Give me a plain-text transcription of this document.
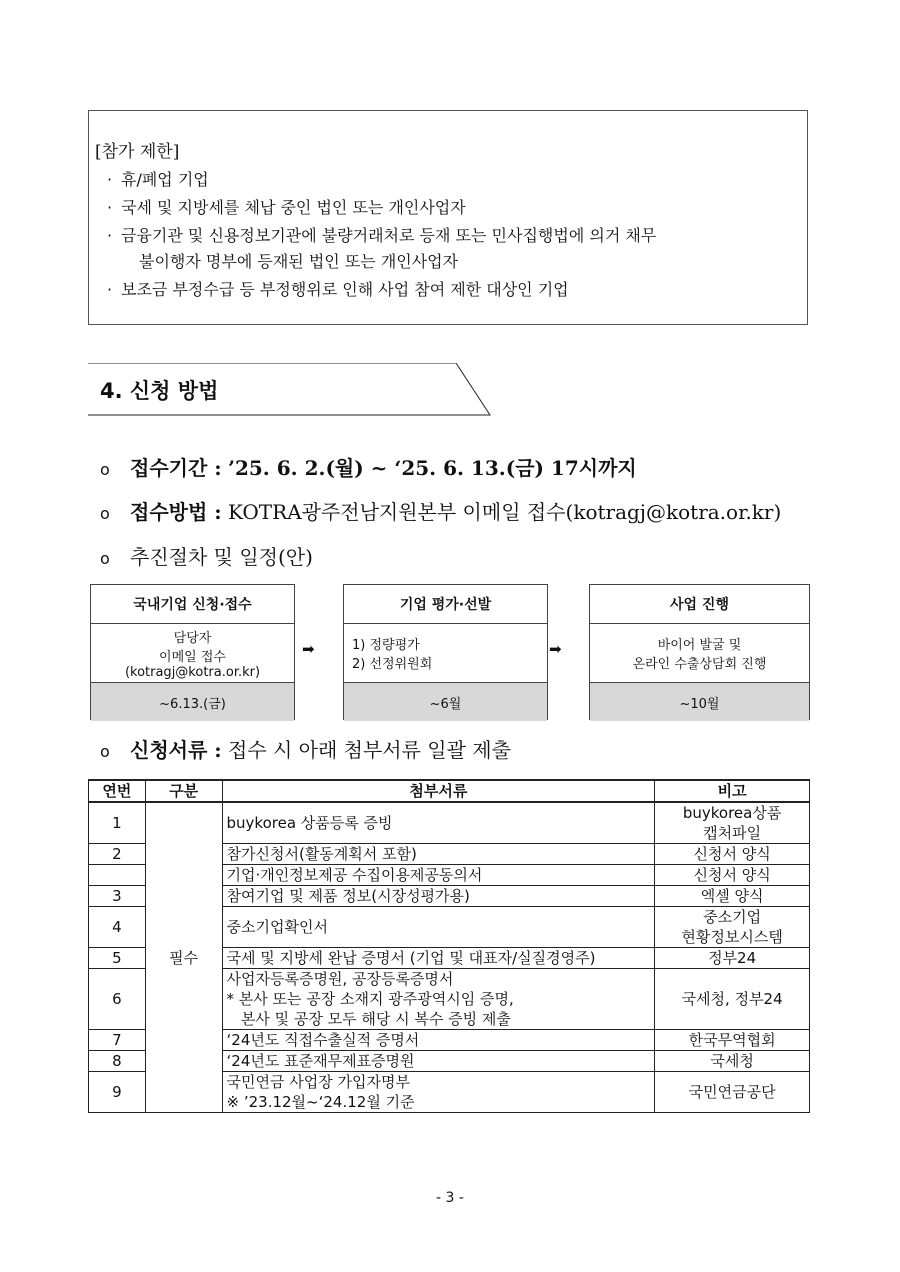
[참가 제한]
· 휴/폐업 기업
· 국세 및 지방세를 체납 중인 법인 또는 개인사업자
· 금융기관 및 신용정보기관에 불량거래처로 등재 또는 민사집행법에 의거 채무
불이행자 명부에 등재된 법인 또는 개인사업자
· 보조금 부정수급 등 부정행위로 인해 사업 참여 제한 대상인 기업
4. 신청 방법
o 접수기간 : ’25. 6. 2.(월) ~ ‘25. 6. 13.(금) 17시까지
o 접수방법 : KOTRA광주전남지원본부 이메일 접수(kotragj@kotra.or.kr)
o 추진절차 및 일정(안)
국내기업 신청·접수
담당자
이메일 접수
(kotragj@kotra.or.kr)
~6.13.(금)
➡
기업 평가·선발
1) 정량평가
2) 선정위원회
~6월
➡
사업 진행
바이어 발굴 및
온라인 수출상담회 진행
~10월
o 신청서류 : 접수 시 아래 첨부서류 일괄 제출
연번	구분	첨부서류	비고
1	필수	buykorea 상품등록 증빙	buykorea상품
캡처파일
2		참가신청서(활동계획서 포함)	신청서 양식
		기업·개인정보제공 수집이용제공동의서	신청서 양식
3		참여기업 및 제품 정보(시장성평가용)	엑셀 양식
4		중소기업확인서	중소기업
현황정보시스템
5		국세 및 지방세 완납 증명서 (기업 및 대표자/실질경영주)	정부24
6		사업자등록증명원, 공장등록증명서
* 본사 또는 공장 소재지 광주광역시임 증명,
본사 및 공장 모두 해당 시 복수 증빙 제출	국세청, 정부24
7		‘24년도 직접수출실적 증명서	한국무역협회
8		‘24년도 표준재무제표증명원	국세청
9		국민연금 사업장 가입자명부
※ ’23.12월~‘24.12월 기준	국민연금공단
- 3 -
